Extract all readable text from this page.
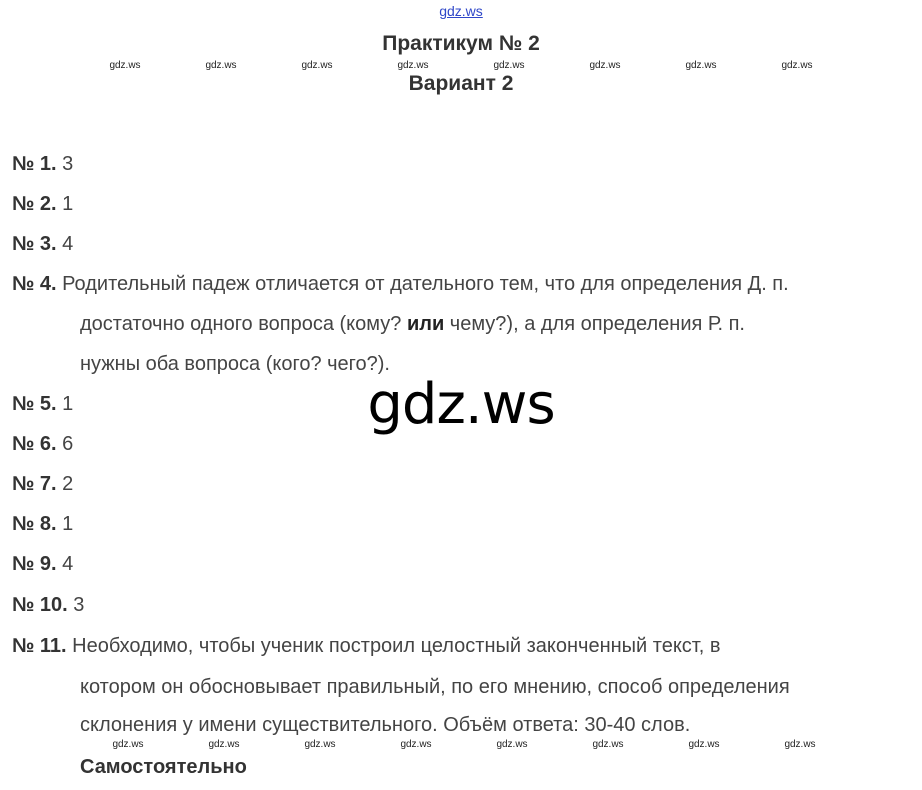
gdz.ws
Практикум № 2
gdz.ws	gdz.ws	gdz.ws	gdz.ws	gdz.ws	gdz.ws	gdz.ws	gdz.ws
Вариант 2
№ 1. 3
№ 2. 1
№ 3. 4
№ 4. Родительный падеж отличается от дательного тем, что для определения Д. п.
достаточно одного вопроса (кому? или чему?), а для определения Р. п.
нужны оба вопроса (кого? чего?).
№ 5. 1
№ 6. 6
№ 7. 2
№ 8. 1
№ 9. 4
№ 10. 3
№ 11. Необходимо, чтобы ученик построил целостный законченный текст, в
котором он обосновывает правильный, по его мнению, способ определения
склонения у имени существительного. Объём ответа: 30-40 слов.
gdz.ws
gdz.ws	gdz.ws	gdz.ws	gdz.ws	gdz.ws	gdz.ws	gdz.ws	gdz.ws
Самостоятельно
